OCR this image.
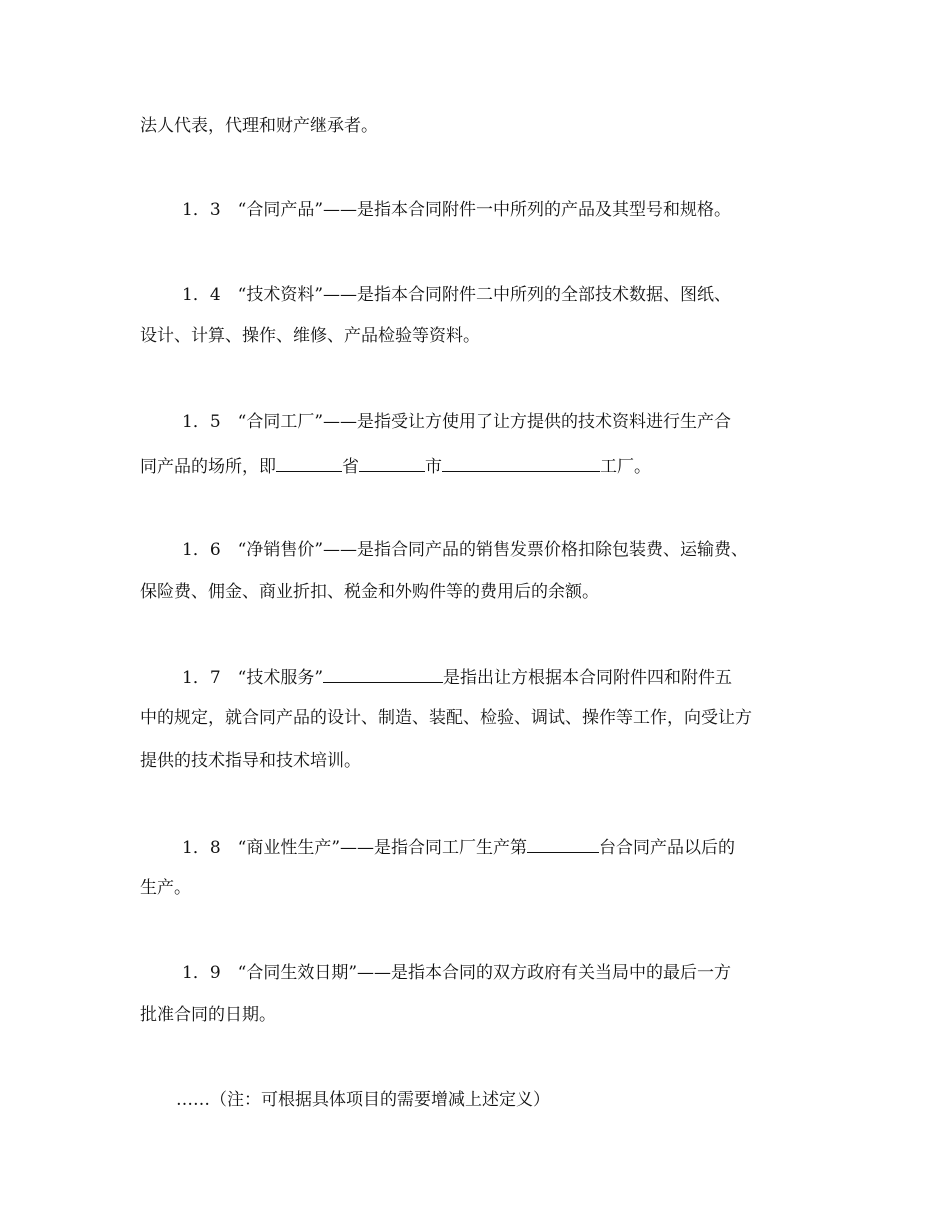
法人代表，代理和财产继承者。
1．3　“合同产品”——是指本合同附件一中所列的产品及其型号和规格。
1．4　“技术资料”——是指本合同附件二中所列的全部技术数据、图纸、
设计、计算、操作、维修、产品检验等资料。
1．5　“合同工厂”——是指受让方使用了让方提供的技术资料进行生产合
同产品的场所，即	省	市	工厂。
1．6　“净销售价”——是指合同产品的销售发票价格扣除包装费、运输费、
保险费、佣金、商业折扣、税金和外购件等的费用后的余额。
1．7　“技术服务”	是指出让方根据本合同附件四和附件五
中的规定，就合同产品的设计、制造、装配、检验、调试、操作等工作，向受让方
提供的技术指导和技术培训。
1．8　“商业性生产”——是指合同工厂生产第	台合同产品以后的
生产。
1．9　“合同生效日期”——是指本合同的双方政府有关当局中的最后一方
批准合同的日期。
……（注：可根据具体项目的需要增减上述定义）
